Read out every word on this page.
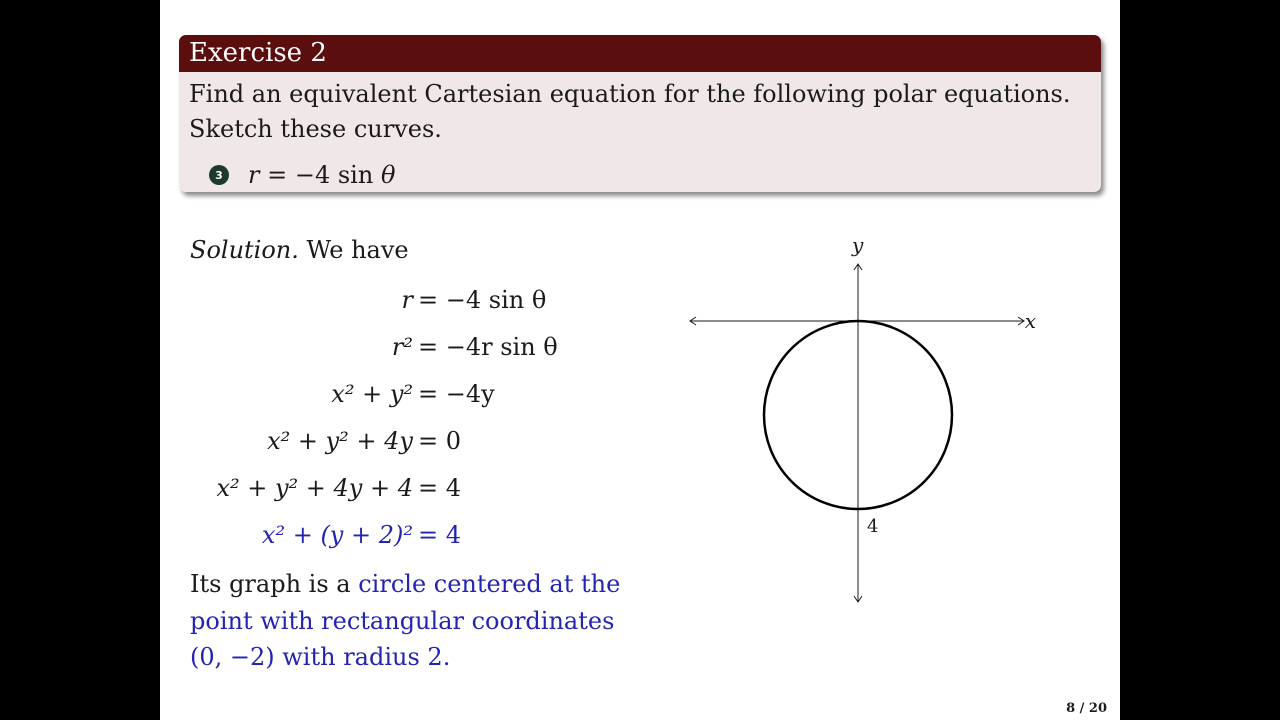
Exercise 2
Find an equivalent Cartesian equation for the following polar equations. Sketch these curves.
3 r = −4 sin θ
Solution. We have
r = −4 sin θ
r² = −4r sin θ
x² + y² = −4y
x² + y² + 4y = 0
x² + y² + 4y + 4 = 4
x² + (y + 2)² = 4
Its graph is a circle centered at the point with rectangular coordinates (0, −2) with radius 2.
x
y
4
8 / 20
